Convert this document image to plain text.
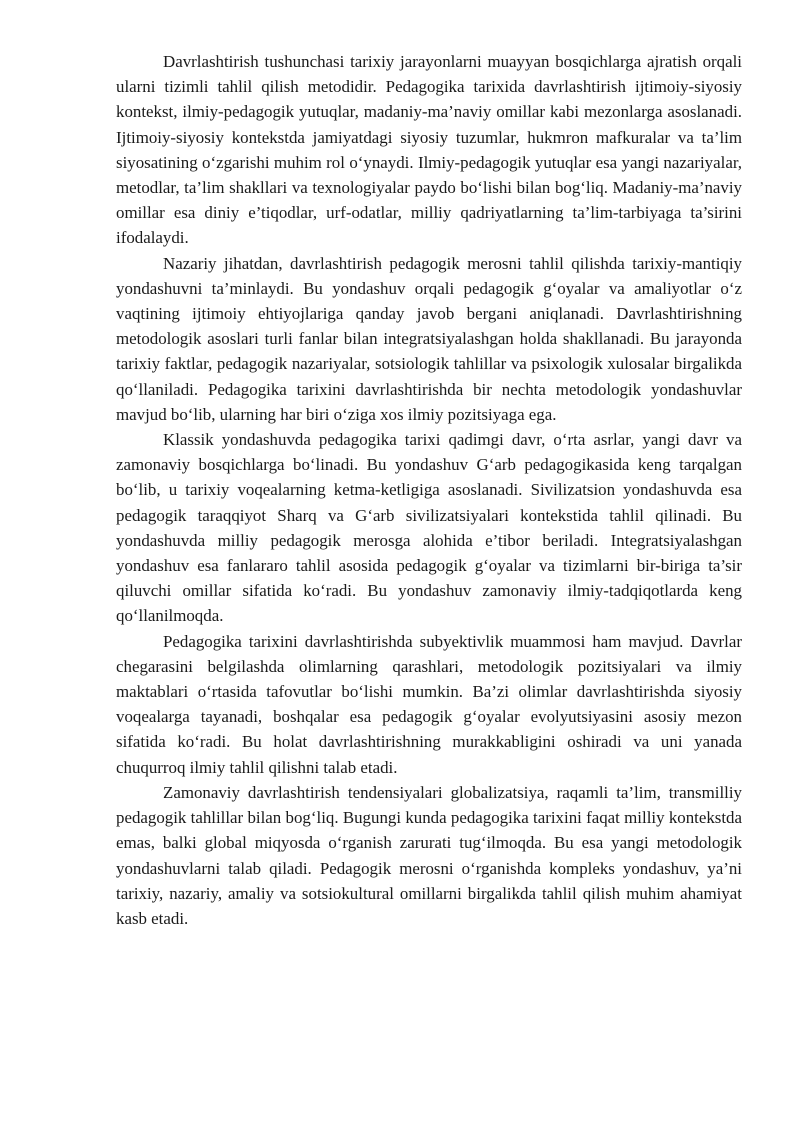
Davrlashtirish tushunchasi tarixiy jarayonlarni muayyan bosqichlarga ajratish orqali ularni tizimli tahlil qilish metodidir. Pedagogika tarixida davrlashtirish ijtimoiy-siyosiy kontekst, ilmiy-pedagogik yutuqlar, madaniy-ma’naviy omillar kabi mezonlarga asoslanadi. Ijtimoiy-siyosiy kontekstda jamiyatdagi siyosiy tuzumlar, hukmron mafkuralar va ta’lim siyosatining o‘zgarishi muhim rol o‘ynaydi. Ilmiy-pedagogik yutuqlar esa yangi nazariyalar, metodlar, ta’lim shakllari va texnologiyalar paydo bo‘lishi bilan bog‘liq. Madaniy-ma’naviy omillar esa diniy e’tiqodlar, urf-odatlar, milliy qadriyatlarning ta’lim-tarbiyaga ta’sirini ifodalaydi.

Nazariy jihatdan, davrlashtirish pedagogik merosni tahlil qilishda tarixiy-mantiqiy yondashuvni ta’minlaydi. Bu yondashuv orqali pedagogik g‘oyalar va amaliyotlar o‘z vaqtining ijtimoiy ehtiyojlariga qanday javob bergani aniqlanadi. Davrlashtirishning metodologik asoslari turli fanlar bilan integratsiyalashgan holda shakllanadi. Bu jarayonda tarixiy faktlar, pedagogik nazariyalar, sotsiologik tahlillar va psixologik xulosalar birgalikda qo‘llaniladi. Pedagogika tarixini davrlashtirishda bir nechta metodologik yondashuvlar mavjud bo‘lib, ularning har biri o‘ziga xos ilmiy pozitsiyaga ega.

Klassik yondashuvda pedagogika tarixi qadimgi davr, o‘rta asrlar, yangi davr va zamonaviy bosqichlarga bo‘linadi. Bu yondashuv G‘arb pedagogikasida keng tarqalgan bo‘lib, u tarixiy voqealarning ketma-ketligiga asoslanadi. Sivilizatsion yondashuvda esa pedagogik taraqqiyot Sharq va G‘arb sivilizatsiyalari kontekstida tahlil qilinadi. Bu yondashuvda milliy pedagogik merosga alohida e’tibor beriladi. Integratsiyalashgan yondashuv esa fanlararo tahlil asosida pedagogik g‘oyalar va tizimlarni bir-biriga ta’sir qiluvchi omillar sifatida ko‘radi. Bu yondashuv zamonaviy ilmiy-tadqiqotlarda keng qo‘llanilmoqda.

Pedagogika tarixini davrlashtirishda subyektivlik muammosi ham mavjud. Davrlar chegarasini belgilashda olimlarning qarashlari, metodologik pozitsiyalari va ilmiy maktablari o‘rtasida tafovutlar bo‘lishi mumkin. Ba’zi olimlar davrlashtirishda siyosiy voqealarga tayanadi, boshqalar esa pedagogik g‘oyalar evolyutsiyasini asosiy mezon sifatida ko‘radi. Bu holat davrlashtirishning murakkabligini oshiradi va uni yanada chuqurroq ilmiy tahlil qilishni talab etadi.

Zamonaviy davrlashtirish tendensiyalari globalizatsiya, raqamli ta’lim, transmilliy pedagogik tahlillar bilan bog‘liq. Bugungi kunda pedagogika tarixini faqat milliy kontekstda emas, balki global miqyosda o‘rganish zarurati tug‘ilmoqda. Bu esa yangi metodologik yondashuvlarni talab qiladi. Pedagogik merosni o‘rganishda kompleks yondashuv, ya’ni tarixiy, nazariy, amaliy va sotsiokultural omillarni birgalikda tahlil qilish muhim ahamiyat kasb etadi.
